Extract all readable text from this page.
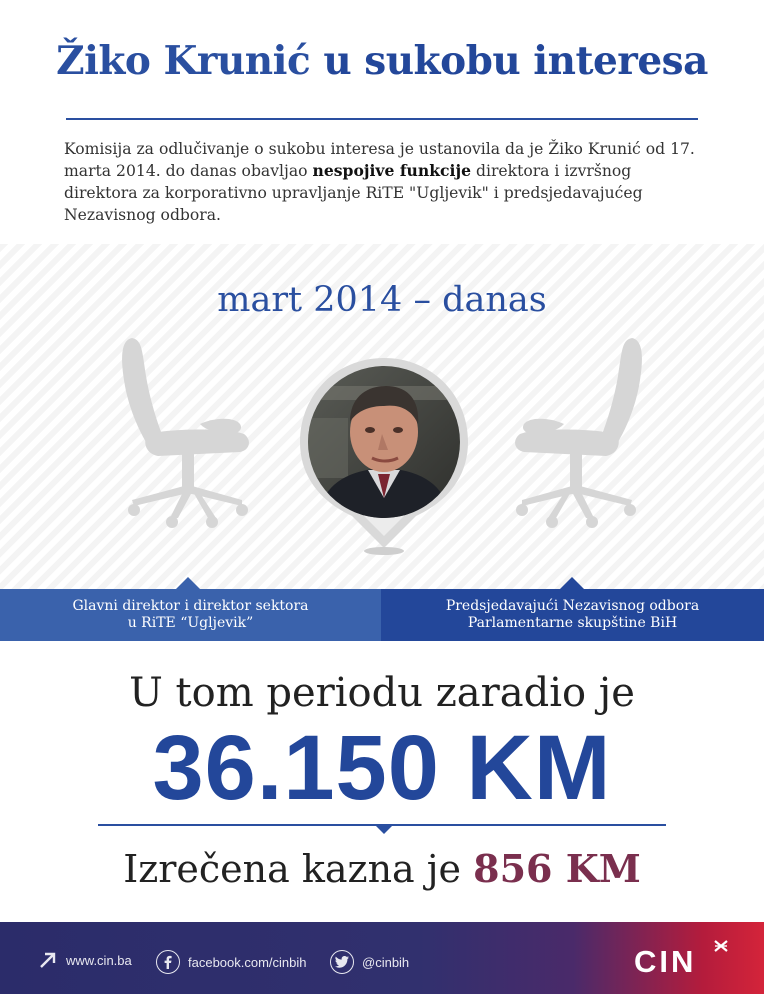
Žiko Krunić u sukobu interesa

Komisija za odlučivanje o sukobu interesa je ustanovila da je Žiko Krunić od 17. marta 2014. do danas obavljao nespojive funkcije direktora i izvršnog direktora za korporativno upravljanje RiTE "Ugljevik" i predsjedavajućeg Nezavisnog odbora.

mart 2014 – danas
Glavni direktor i direktor sektora
u RiTE “Ugljevik”
Predsjedavajući Nezavisnog odbora
Parlamentarne skupštine BiH
U tom periodu zaradio je
36.150 KM
Izrečena kazna je 856 KM
www.cin.ba	facebook.com/cinbih	@cinbih	CIN
